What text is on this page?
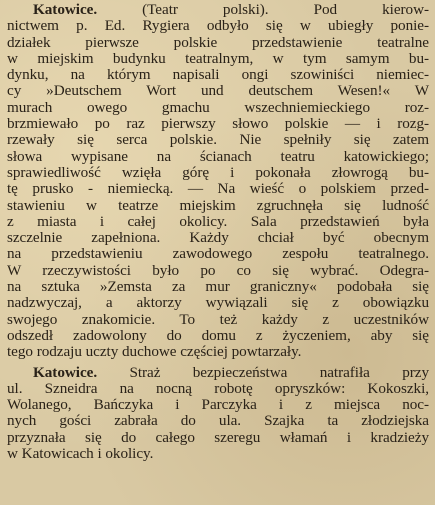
Katowice. (Teatr polski). Pod kierow-
nictwem p. Ed. Rygiera odbyło się w ubiegły ponie-
działek pierwsze polskie przedstawienie teatralne
w miejskim budynku teatralnym, w tym samym bu-
dynku, na którym napisali ongi szowiniści niemiec-
cy »Deutschem Wort und deutschem Wesen!« W
murach owego gmachu wszechniemieckiego roz-
brzmiewało po raz pierwszy słowo polskie — i rozg-
rzewały się serca polskie. Nie spełniły się zatem
słowa wypisane na ścianach teatru katowickiego;
sprawiedliwość wzięła górę i pokonała złowrogą bu-
tę prusko - niemiecką. — Na wieść o polskiem przed-
stawieniu w teatrze miejskim zgruchnęła się ludność
z miasta i całej okolicy. Sala przedstawień była
szczelnie zapełniona. Każdy chciał być obecnym
na przedstawieniu zawodowego zespołu teatralnego.
W rzeczywistości było po co się wybrać. Odegra-
na sztuka »Zemsta za mur graniczny« podobała się
nadzwyczaj, a aktorzy wywiązali się z obowiązku
swojego znakomicie. To też każdy z uczestników
odszedł zadowolony do domu z życzeniem, aby się
tego rodzaju uczty duchowe częściej powtarzały.
Katowice. Straż bezpieczeństwa natrafiła przy
ul. Szneidra na nocną robotę opryszków: Kokoszki,
Wolanego, Bańczyka i Parczyka i z miejsca noc-
nych gości zabrała do ula. Szajka ta złodziejska
przyznała się do całego szeregu włamań i kradzieży
w Katowicach i okolicy.
